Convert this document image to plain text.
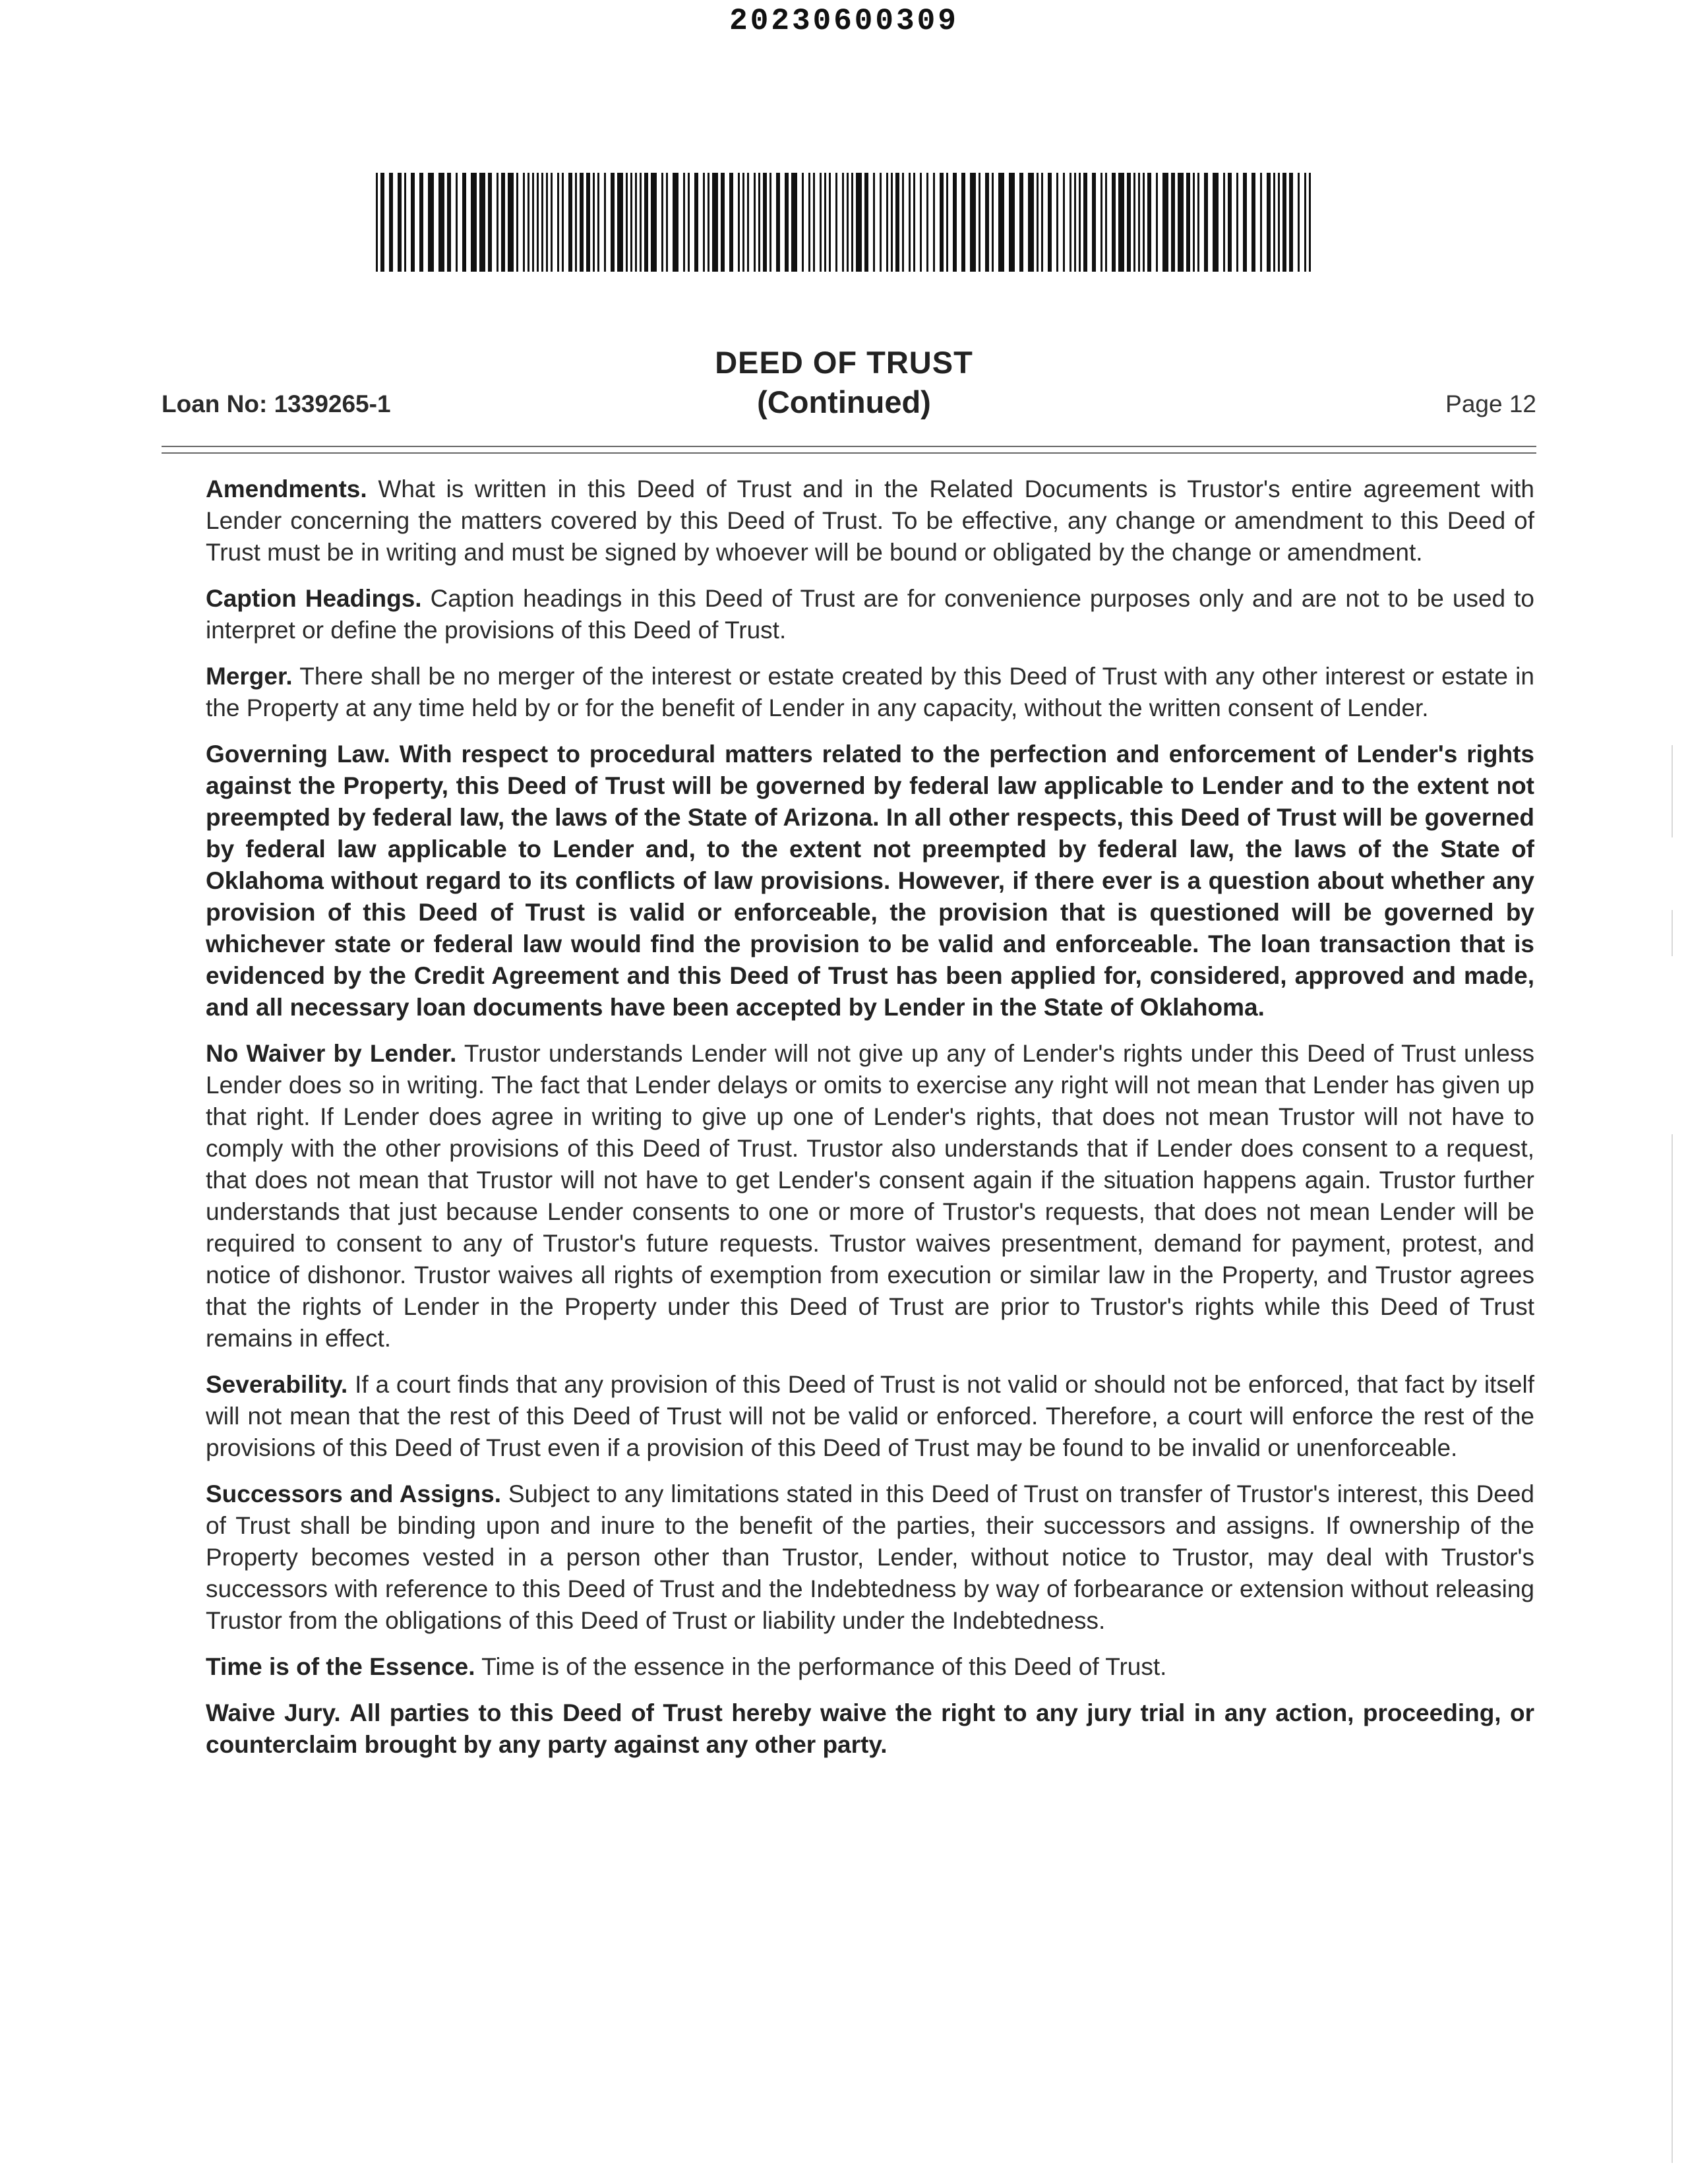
20230600309
DEED OF TRUST
(Continued)
Loan No: 1339265-1	Page 12

Amendments. What is written in this Deed of Trust and in the Related Documents is Trustor's entire agreement with Lender concerning the matters covered by this Deed of Trust. To be effective, any change or amendment to this Deed of Trust must be in writing and must be signed by whoever will be bound or obligated by the change or amendment.

Caption Headings. Caption headings in this Deed of Trust are for convenience purposes only and are not to be used to interpret or define the provisions of this Deed of Trust.

Merger. There shall be no merger of the interest or estate created by this Deed of Trust with any other interest or estate in the Property at any time held by or for the benefit of Lender in any capacity, without the written consent of Lender.

Governing Law. With respect to procedural matters related to the perfection and enforcement of Lender's rights against the Property, this Deed of Trust will be governed by federal law applicable to Lender and to the extent not preempted by federal law, the laws of the State of Arizona. In all other respects, this Deed of Trust will be governed by federal law applicable to Lender and, to the extent not preempted by federal law, the laws of the State of Oklahoma without regard to its conflicts of law provisions. However, if there ever is a question about whether any provision of this Deed of Trust is valid or enforceable, the provision that is questioned will be governed by whichever state or federal law would find the provision to be valid and enforceable. The loan transaction that is evidenced by the Credit Agreement and this Deed of Trust has been applied for, considered, approved and made, and all necessary loan documents have been accepted by Lender in the State of Oklahoma.

No Waiver by Lender. Trustor understands Lender will not give up any of Lender's rights under this Deed of Trust unless Lender does so in writing. The fact that Lender delays or omits to exercise any right will not mean that Lender has given up that right. If Lender does agree in writing to give up one of Lender's rights, that does not mean Trustor will not have to comply with the other provisions of this Deed of Trust. Trustor also understands that if Lender does consent to a request, that does not mean that Trustor will not have to get Lender's consent again if the situation happens again. Trustor further understands that just because Lender consents to one or more of Trustor's requests, that does not mean Lender will be required to consent to any of Trustor's future requests. Trustor waives presentment, demand for payment, protest, and notice of dishonor. Trustor waives all rights of exemption from execution or similar law in the Property, and Trustor agrees that the rights of Lender in the Property under this Deed of Trust are prior to Trustor's rights while this Deed of Trust remains in effect.

Severability. If a court finds that any provision of this Deed of Trust is not valid or should not be enforced, that fact by itself will not mean that the rest of this Deed of Trust will not be valid or enforced. Therefore, a court will enforce the rest of the provisions of this Deed of Trust even if a provision of this Deed of Trust may be found to be invalid or unenforceable.

Successors and Assigns. Subject to any limitations stated in this Deed of Trust on transfer of Trustor's interest, this Deed of Trust shall be binding upon and inure to the benefit of the parties, their successors and assigns. If ownership of the Property becomes vested in a person other than Trustor, Lender, without notice to Trustor, may deal with Trustor's successors with reference to this Deed of Trust and the Indebtedness by way of forbearance or extension without releasing Trustor from the obligations of this Deed of Trust or liability under the Indebtedness.

Time is of the Essence. Time is of the essence in the performance of this Deed of Trust.

Waive Jury. All parties to this Deed of Trust hereby waive the right to any jury trial in any action, proceeding, or counterclaim brought by any party against any other party.
